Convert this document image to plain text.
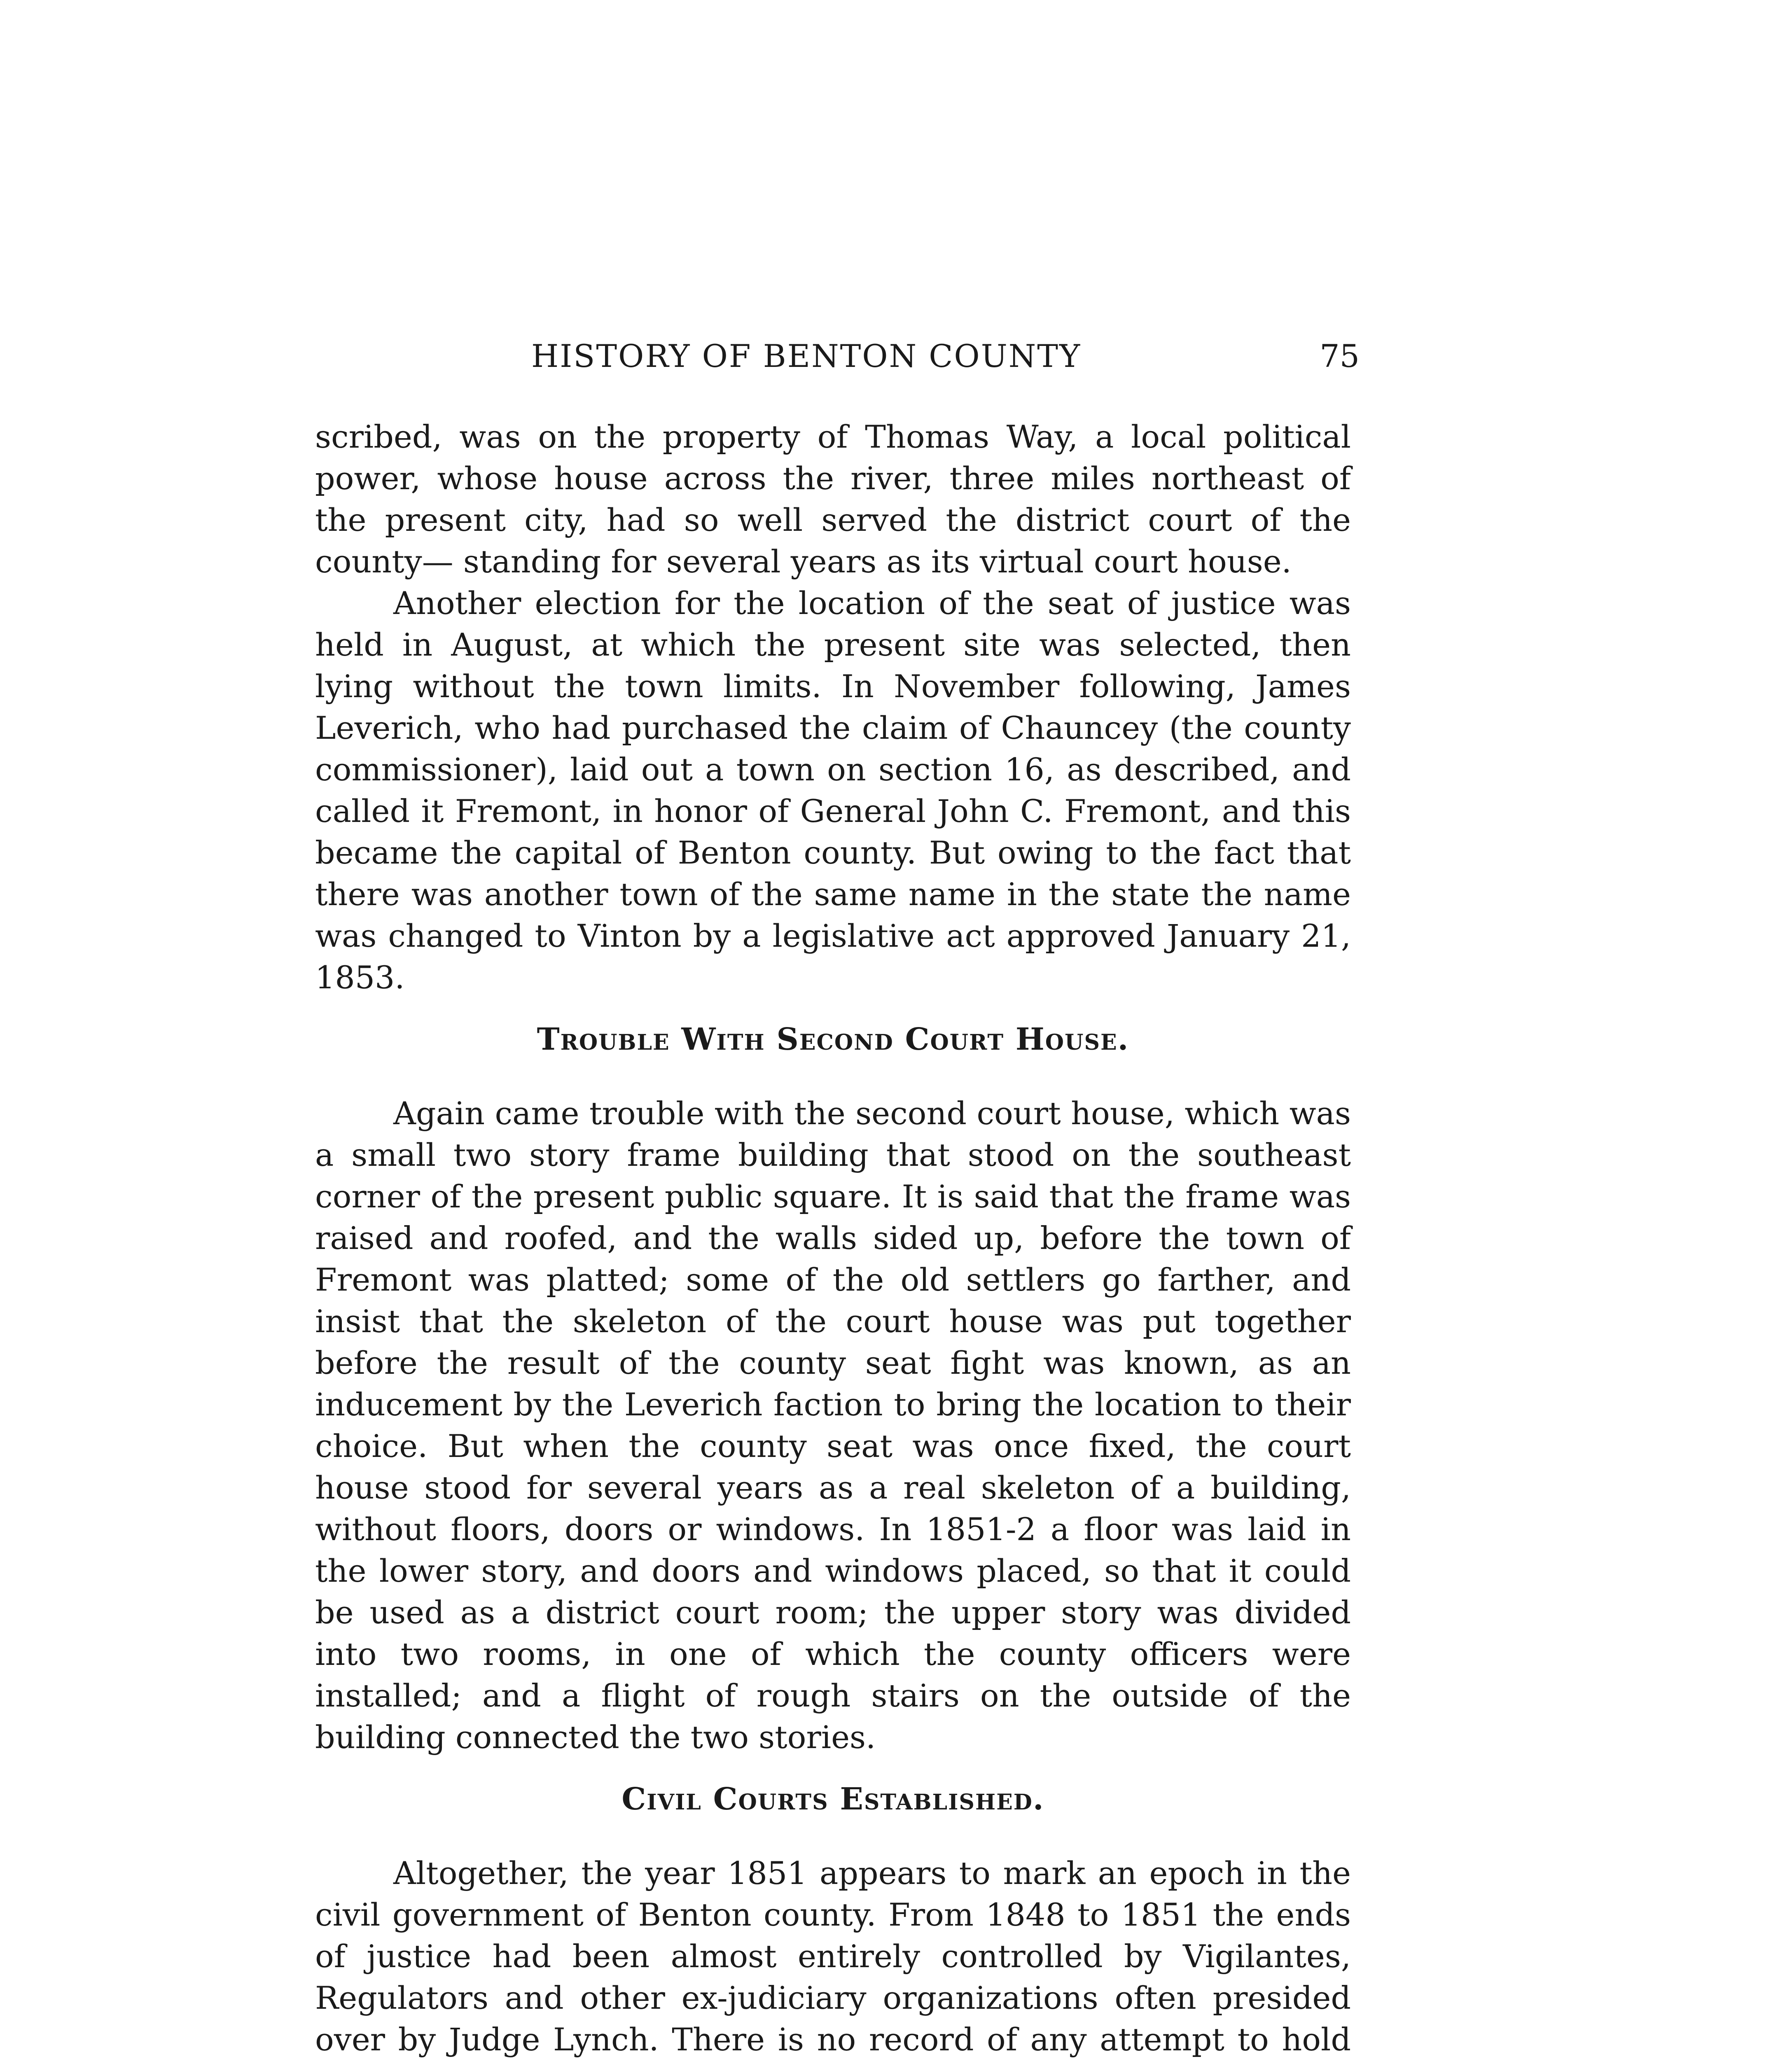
HISTORY OF BENTON COUNTY	75

scribed, was on the property of Thomas Way, a local political power, whose house across the river, three miles northeast of the present city, had so well served the district court of the county— standing for several years as its virtual court house.

Another election for the location of the seat of justice was held in August, at which the present site was selected, then lying without the town limits. In November following, James Leverich, who had purchased the claim of Chauncey (the county commissioner), laid out a town on section 16, as described, and called it Fremont, in honor of General John C. Fremont, and this became the capital of Benton county. But owing to the fact that there was another town of the same name in the state the name was changed to Vinton by a legislative act approved January 21, 1853.

Trouble With Second Court House.

Again came trouble with the second court house, which was a small two story frame building that stood on the southeast corner of the present public square. It is said that the frame was raised and roofed, and the walls sided up, before the town of Fremont was platted; some of the old settlers go farther, and insist that the skeleton of the court house was put together before the result of the county seat fight was known, as an inducement by the Leverich faction to bring the location to their choice. But when the county seat was once fixed, the court house stood for several years as a real skeleton of a building, without floors, doors or windows. In 1851-2 a floor was laid in the lower story, and doors and windows placed, so that it could be used as a district court room; the upper story was divided into two rooms, in one of which the county officers were installed; and a flight of rough stairs on the outside of the building connected the two stories.

Civil Courts Established.

Altogether, the year 1851 appears to mark an epoch in the civil government of Benton county. From 1848 to 1851 the ends of justice had been almost entirely controlled by Vigilantes, Regulators and other ex-judiciary organizations often presided over by Judge Lynch. There is no record of any attempt to hold
